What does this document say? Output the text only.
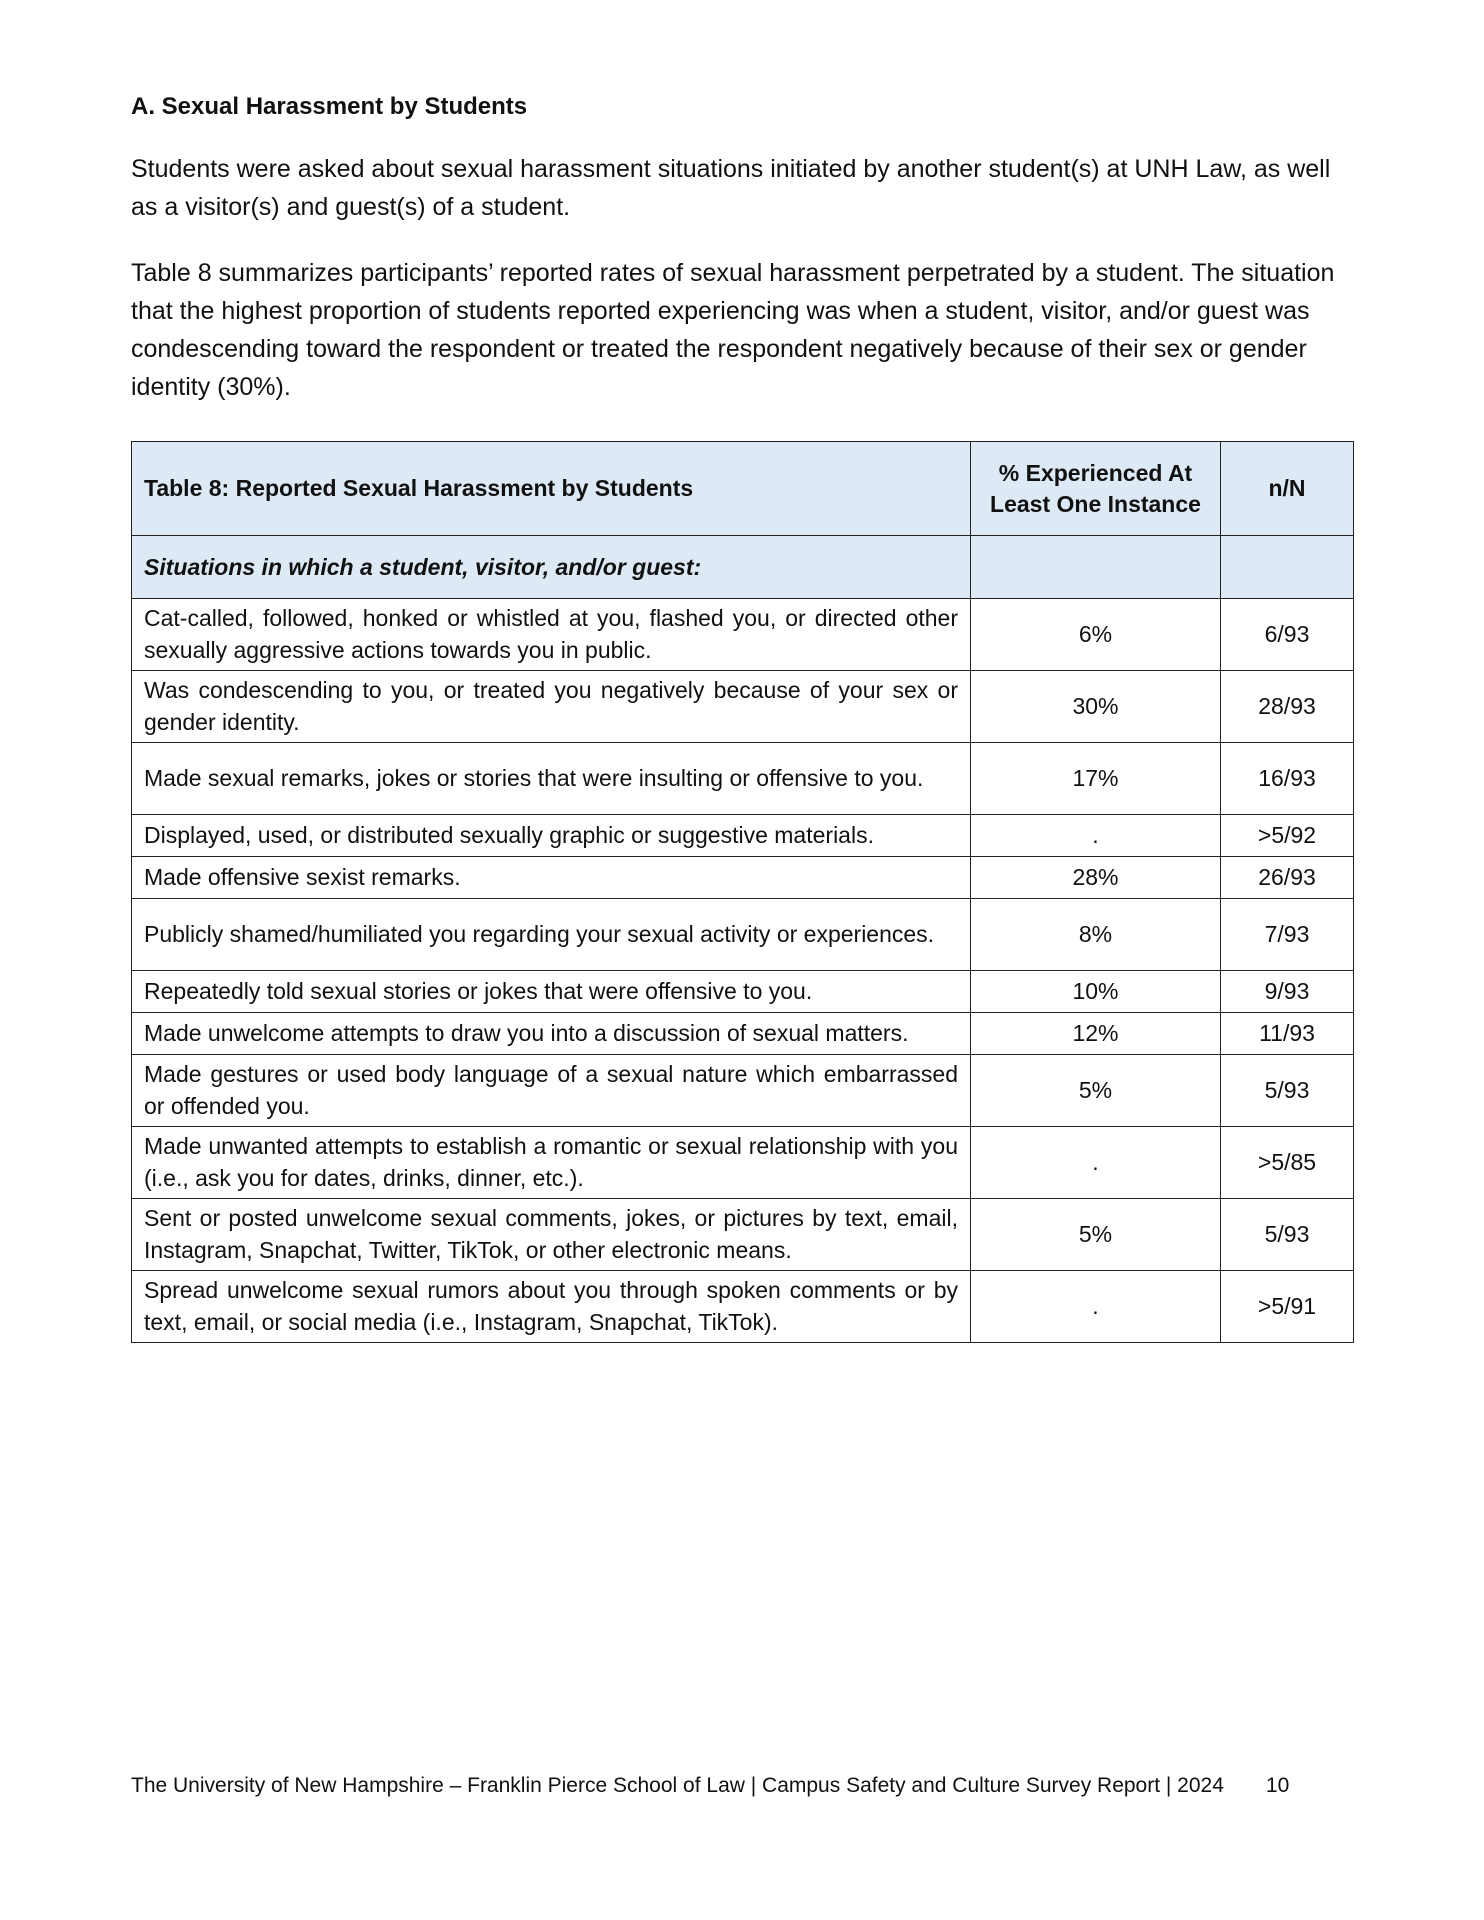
A. Sexual Harassment by Students

Students were asked about sexual harassment situations initiated by another student(s) at UNH Law, as well as a visitor(s) and guest(s) of a student.

Table 8 summarizes participants’ reported rates of sexual harassment perpetrated by a student. The situation that the highest proportion of students reported experiencing was when a student, visitor, and/or guest was condescending toward the respondent or treated the respondent negatively because of their sex or gender identity (30%).

Table 8: Reported Sexual Harassment by Students	% Experienced At Least One Instance	n/N
Situations in which a student, visitor, and/or guest:		
Cat-called, followed, honked or whistled at you, flashed you, or directed other sexually aggressive actions towards you in public.	6%	6/93
Was condescending to you, or treated you negatively because of your sex or gender identity.	30%	28/93
Made sexual remarks, jokes or stories that were insulting or offensive to you.	17%	16/93
Displayed, used, or distributed sexually graphic or suggestive materials.	.	>5/92
Made offensive sexist remarks.	28%	26/93
Publicly shamed/humiliated you regarding your sexual activity or experiences.	8%	7/93
Repeatedly told sexual stories or jokes that were offensive to you.	10%	9/93
Made unwelcome attempts to draw you into a discussion of sexual matters.	12%	11/93
Made gestures or used body language of a sexual nature which embarrassed or offended you.	5%	5/93
Made unwanted attempts to establish a romantic or sexual relationship with you (i.e., ask you for dates, drinks, dinner, etc.).	.	>5/85
Sent or posted unwelcome sexual comments, jokes, or pictures by text, email, Instagram, Snapchat, Twitter, TikTok, or other electronic means.	5%	5/93
Spread unwelcome sexual rumors about you through spoken comments or by text, email, or social media (i.e., Instagram, Snapchat, TikTok).	.	>5/91
The University of New Hampshire – Franklin Pierce School of Law | Campus Safety and Culture Survey Report | 2024 10
